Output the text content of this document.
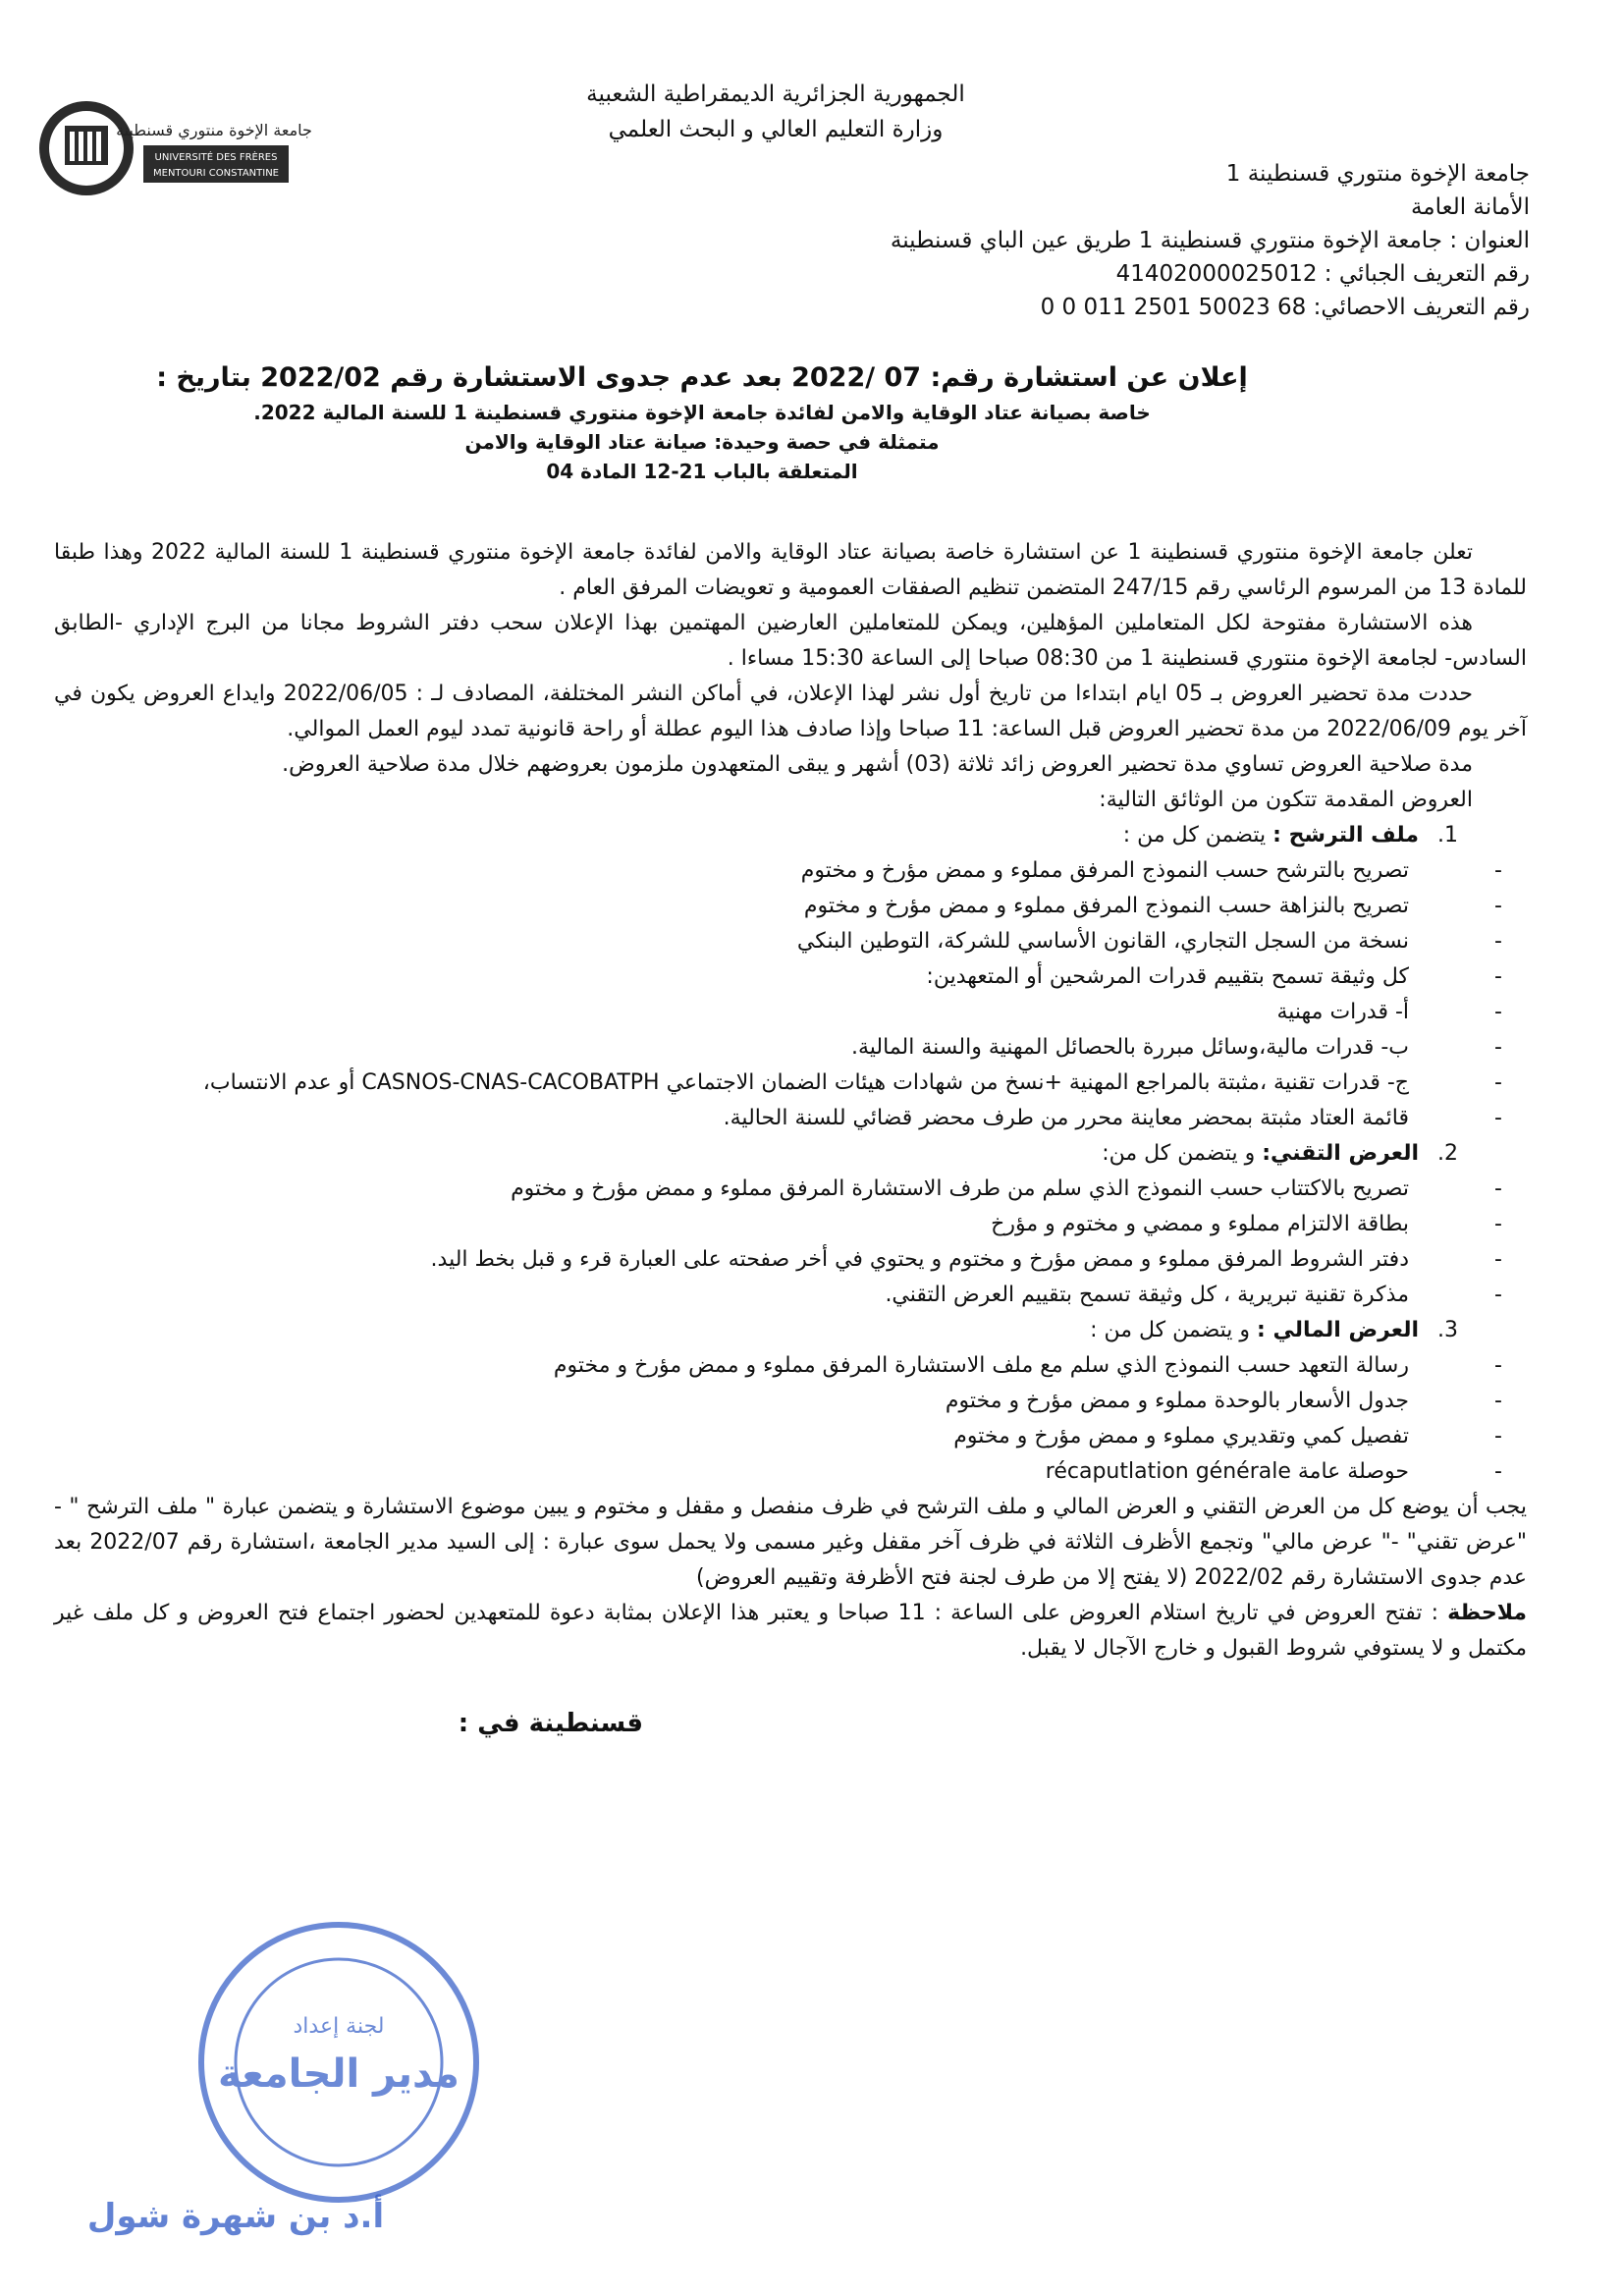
جامعة الإخوة منتوري قسنطينة
UNIVERSITÉ DES FRÈRES
MENTOURI CONSTANTINE
الجمهورية الجزائرية الديمقراطية الشعبية
وزارة التعليم العالي و البحث العلمي
جامعة الإخوة منتوري قسنطينة 1
الأمانة العامة
العنوان : جامعة الإخوة منتوري قسنطينة 1 طريق عين الباي قسنطينة
رقم التعريف الجبائي : 41402000025012
رقم التعريف الاحصائي: 68 50023 2501 011 0 0
إعلان عن استشارة رقم: 07 /2022 بعد عدم جدوى الاستشارة رقم 2022/02 بتاريخ :
خاصة بصيانة عتاد الوقاية والامن لفائدة جامعة الإخوة منتوري قسنطينة 1 للسنة المالية 2022.
متمثلة في حصة وحيدة: صيانة عتاد الوقاية والامن
المتعلقة بالباب 21-12 المادة 04

تعلن جامعة الإخوة منتوري قسنطينة 1 عن استشارة خاصة بصيانة عتاد الوقاية والامن لفائدة جامعة الإخوة منتوري قسنطينة 1 للسنة المالية 2022 وهذا طبقا للمادة 13 من المرسوم الرئاسي رقم 247/15 المتضمن تنظيم الصفقات العمومية و تعويضات المرفق العام .

هذه الاستشارة مفتوحة لكل المتعاملين المؤهلين، ويمكن للمتعاملين العارضين المهتمين بهذا الإعلان سحب دفتر الشروط مجانا من البرج الإداري -الطابق السادس- لجامعة الإخوة منتوري قسنطينة 1 من 08:30 صباحا إلى الساعة 15:30 مساءا .

حددت مدة تحضير العروض بـ 05 ايام ابتداءا من تاريخ أول نشر لهذا الإعلان، في أماكن النشر المختلفة، المصادف لـ : 2022/06/05 وايداع العروض يكون في آخر يوم 2022/06/09 من مدة تحضير العروض قبل الساعة: 11 صباحا وإذا صادف هذا اليوم عطلة أو راحة قانونية تمدد ليوم العمل الموالي.

مدة صلاحية العروض تساوي مدة تحضير العروض زائد ثلاثة (03) أشهر و يبقى المتعهدون ملزمون بعروضهم خلال مدة صلاحية العروض.

العروض المقدمة تتكون من الوثائق التالية:

1.ملف الترشح : يتضمن كل من :

- تصريح بالترشح حسب النموذج المرفق مملوء و ممض مؤرخ و مختوم
- تصريح بالنزاهة حسب النموذج المرفق مملوء و ممض مؤرخ و مختوم
- نسخة من السجل التجاري، القانون الأساسي للشركة، التوطين البنكي
- كل وثيقة تسمح بتقييم قدرات المرشحين أو المتعهدين:
- أ- قدرات مهنية
- ب- قدرات مالية،وسائل مبررة بالحصائل المهنية والسنة المالية.
- ج- قدرات تقنية ،مثبتة بالمراجع المهنية +نسخ من شهادات هيئات الضمان الاجتماعي CASNOS-CNAS-CACOBATPH أو عدم الانتساب،
- قائمة العتاد مثبتة بمحضر معاينة محرر من طرف محضر قضائي للسنة الحالية.

2.العرض التقني: و يتضمن كل من:

- تصريح بالاكتتاب حسب النموذج الذي سلم من طرف الاستشارة المرفق مملوء و ممض مؤرخ و مختوم
- بطاقة الالتزام مملوء و ممضي و مختوم و مؤرخ
- دفتر الشروط المرفق مملوء و ممض مؤرخ و مختوم و يحتوي في أخر صفحته على العبارة قرء و قبل بخط اليد.
- مذكرة تقنية تبريرية ، كل وثيقة تسمح بتقييم العرض التقني.

3.العرض المالي : و يتضمن كل من :

- رسالة التعهد حسب النموذج الذي سلم مع ملف الاستشارة المرفق مملوء و ممض مؤرخ و مختوم
- جدول الأسعار بالوحدة مملوء و ممض مؤرخ و مختوم
- تفصيل كمي وتقديري مملوء و ممض مؤرخ و مختوم
- حوصلة عامة récaputlation générale

يجب أن يوضع كل من العرض التقني و العرض المالي و ملف الترشح في ظرف منفصل و مقفل و مختوم و يبين موضوع الاستشارة و يتضمن عبارة " ملف الترشح " - "عرض تقني" -" عرض مالي" وتجمع الأظرف الثلاثة في ظرف آخر مقفل وغير مسمى ولا يحمل سوى عبارة : إلى السيد مدير الجامعة ،استشارة رقم 2022/07 بعد عدم جدوى الاستشارة رقم 2022/02 (لا يفتح إلا من طرف لجنة فتح الأظرفة وتقييم العروض)

ملاحظة : تفتح العروض في تاريخ استلام العروض على الساعة : 11 صباحا و يعتبر هذا الإعلان بمثابة دعوة للمتعهدين لحضور اجتماع فتح العروض و كل ملف غير مكتمل و لا يستوفي شروط القبول و خارج الآجال لا يقبل.

قسنطينة في :

لجنة إعداد
مدير الجامعة
أ.د بن شهرة شول
